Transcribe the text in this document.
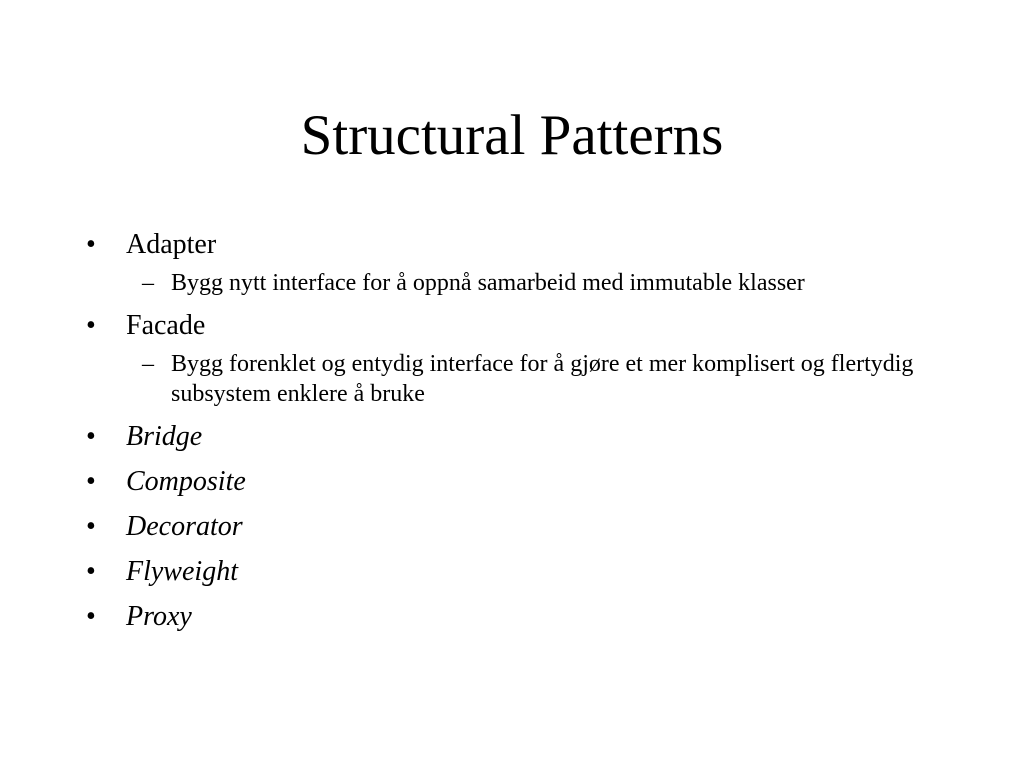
Structural Patterns
• Adapter
– Bygg nytt interface for å oppnå samarbeid med immutable klasser
• Facade
– Bygg forenklet og entydig interface for å gjøre et mer komplisert og flertydig subsystem enklere å bruke
• Bridge
• Composite
• Decorator
• Flyweight
• Proxy
